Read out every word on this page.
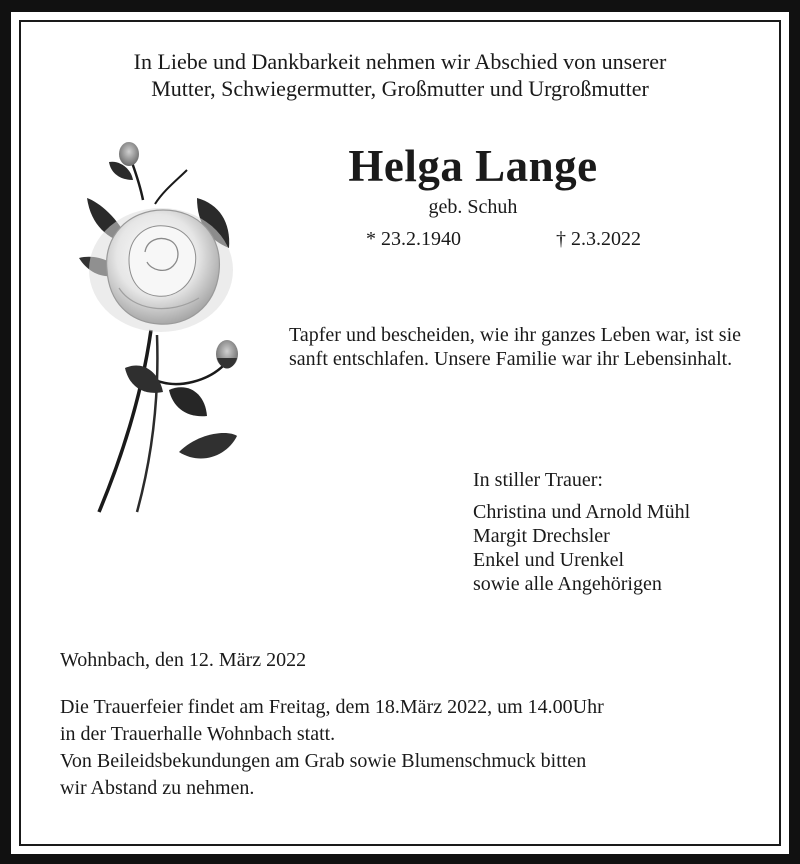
In Liebe und Dankbarkeit nehmen wir Abschied von unserer
Mutter, Schwiegermutter, Großmutter und Urgroßmutter
Helga Lange
geb. Schuh
* 23.2.1940	† 2.3.2022
Tapfer und bescheiden, wie ihr ganzes Leben war, ist sie sanft entschlafen. Unsere Familie war ihr Lebensinhalt.
In stiller Trauer:
Christina und Arnold Mühl
Margit Drechsler
Enkel und Urenkel
sowie alle Angehörigen
Wohnbach, den 12. März 2022
Die Trauerfeier findet am Freitag, dem 18.März 2022, um 14.00Uhr
in der Trauerhalle Wohnbach statt.
Von Beileidsbekundungen am Grab sowie Blumenschmuck bitten
wir Abstand zu nehmen.
